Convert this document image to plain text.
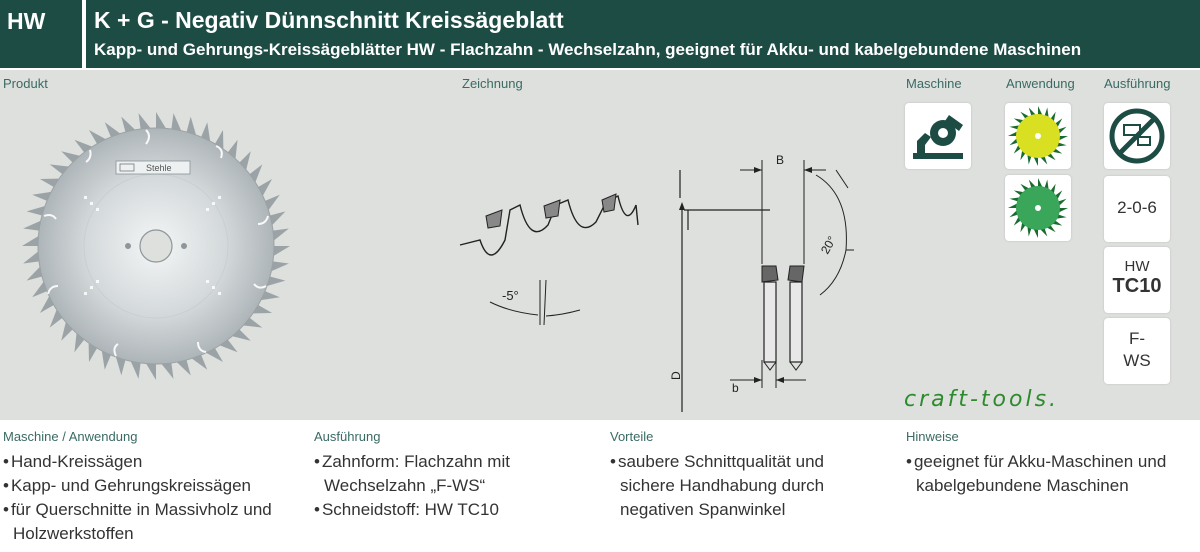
HW K + G - Negativ Dünnschnitt Kreissägeblatt
Kapp- und Gehrungs-Kreissägeblätter HW - Flachzahn - Wechselzahn, geeignet für Akku- und kabelgebundene Maschinen
Produkt	Zeichnung	Maschine	Anwendung Ausführung
Stehle
-5°
B
b
D
20°
2-0-6
HW
TC10
F-
WS
craft-tools.
Maschine / Anwendung
• Hand-Kreissägen
• Kapp- und Gehrungskreissägen
• für Querschnitte in Massivholz und Holzwerkstoffen
Ausführung
• Zahnform: Flachzahn mit Wechselzahn „F-WS“
• Schneidstoff: HW TC10
Vorteile
• saubere Schnittqualität und sichere Handhabung durch negativen Spanwinkel
Hinweise
• geeignet für Akku-Maschinen und kabelgebundene Maschinen
